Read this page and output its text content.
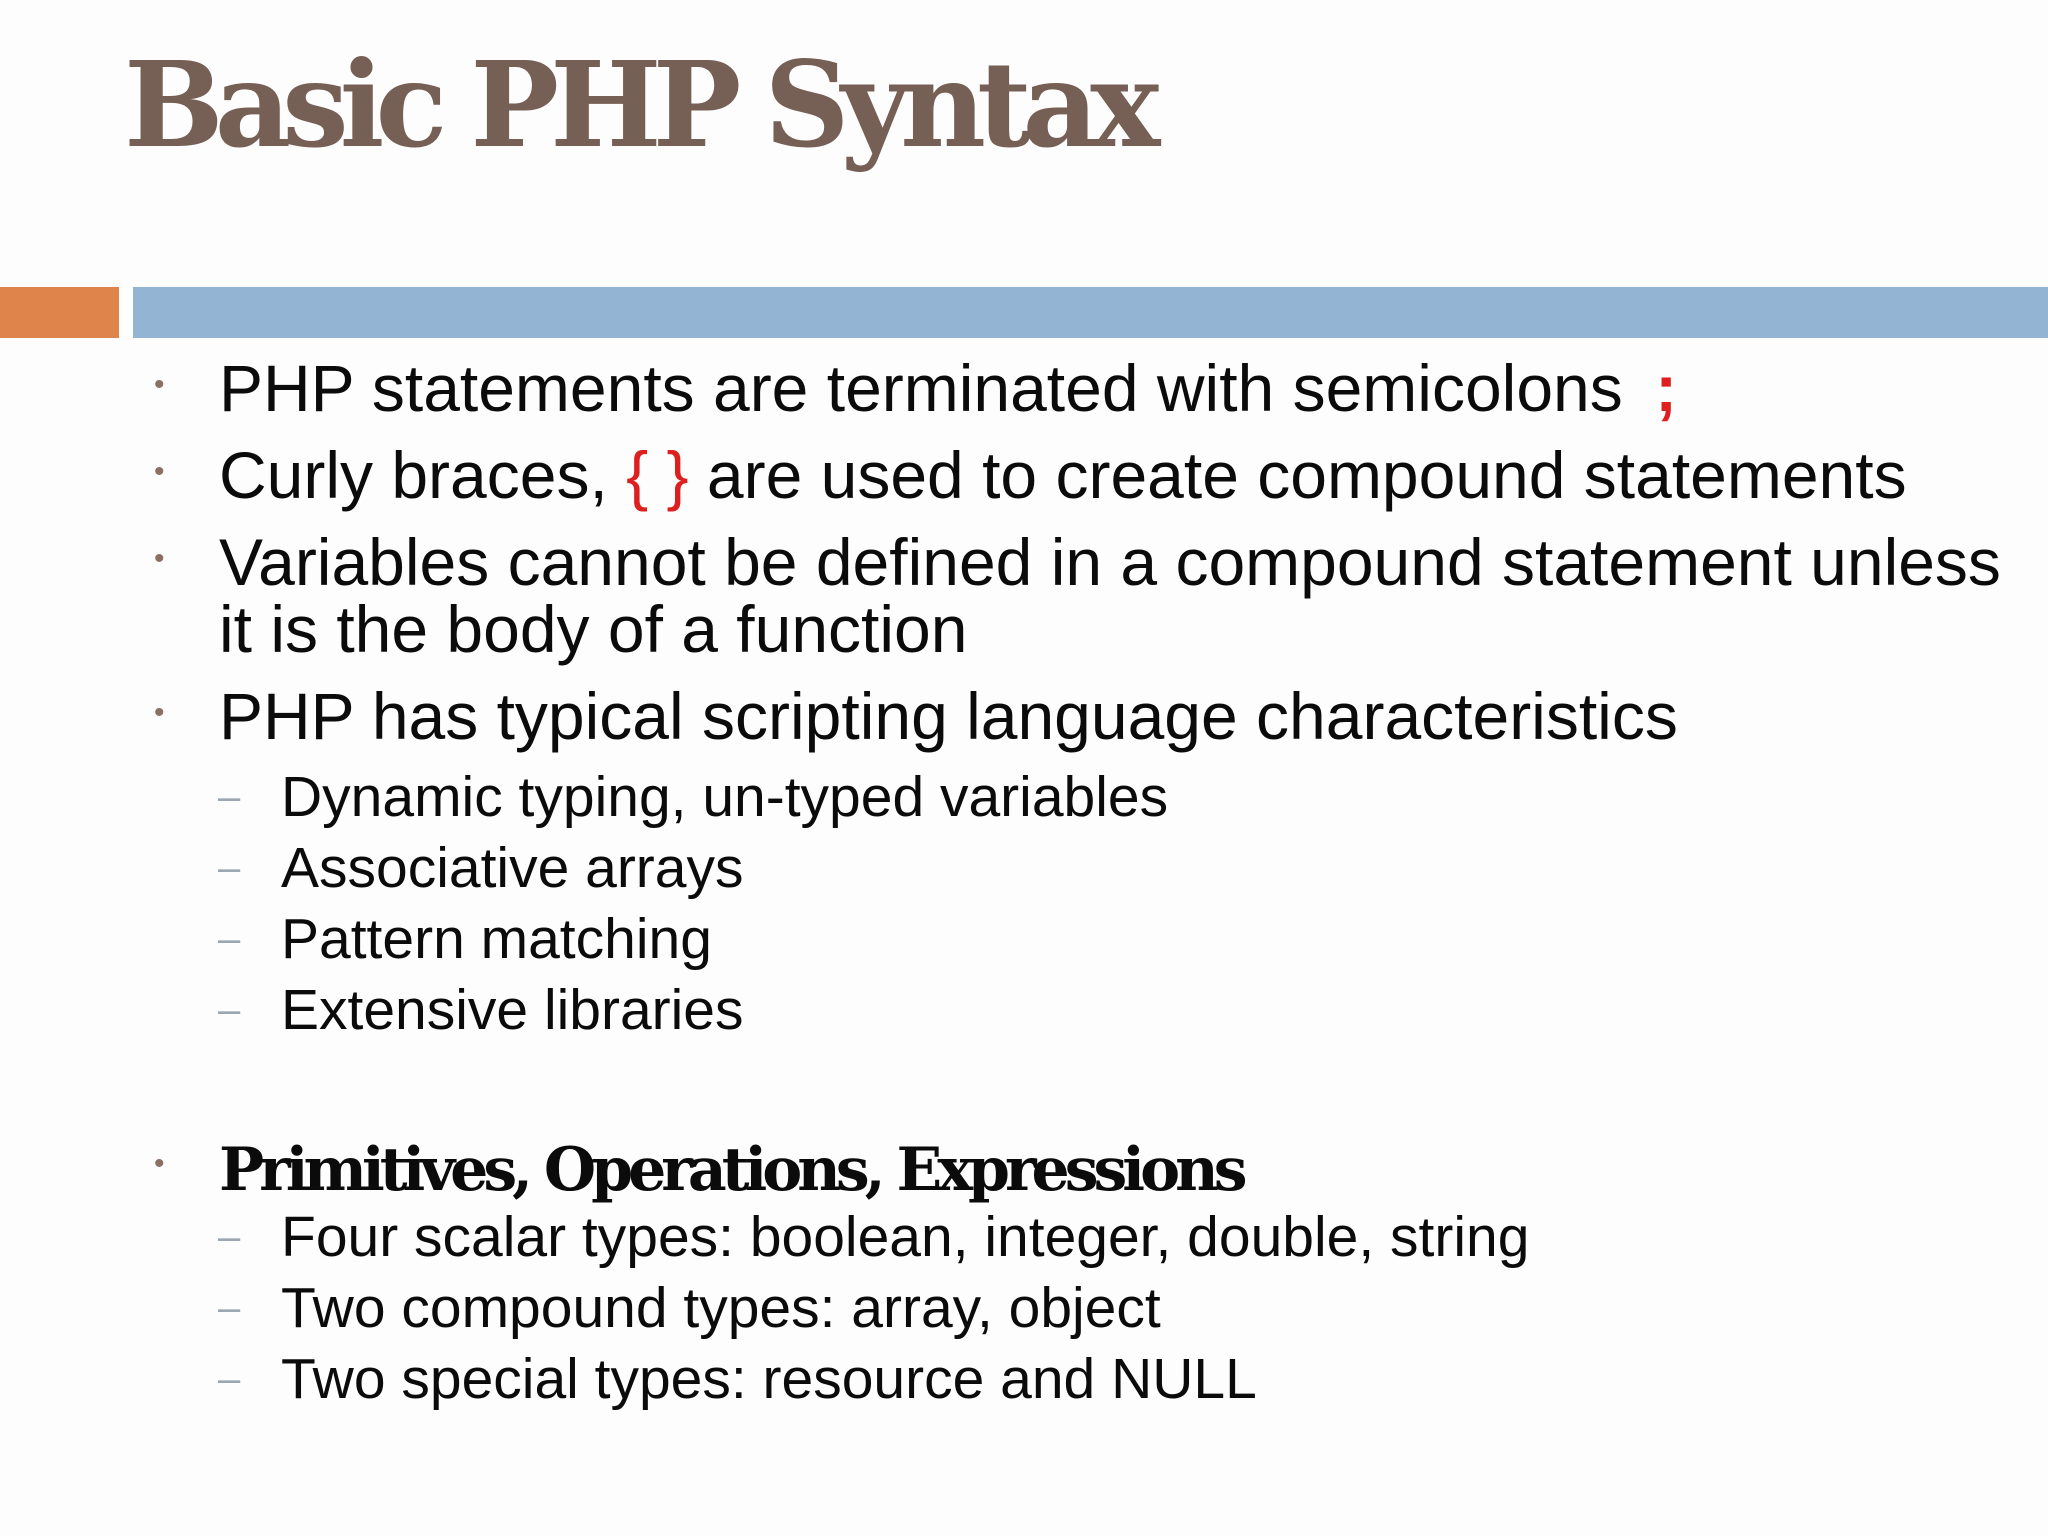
Basic PHP Syntax
• PHP statements are terminated with semicolons ;
• Curly braces, { } are used to create compound statements
• Variables cannot be defined in a compound statement unless it is the body of a function
• PHP has typical scripting language characteristics
– Dynamic typing, un-typed variables
– Associative arrays
– Pattern matching
– Extensive libraries
• Primitives, Operations, Expressions
– Four scalar types: boolean, integer, double, string
– Two compound types: array, object
– Two special types: resource and NULL
